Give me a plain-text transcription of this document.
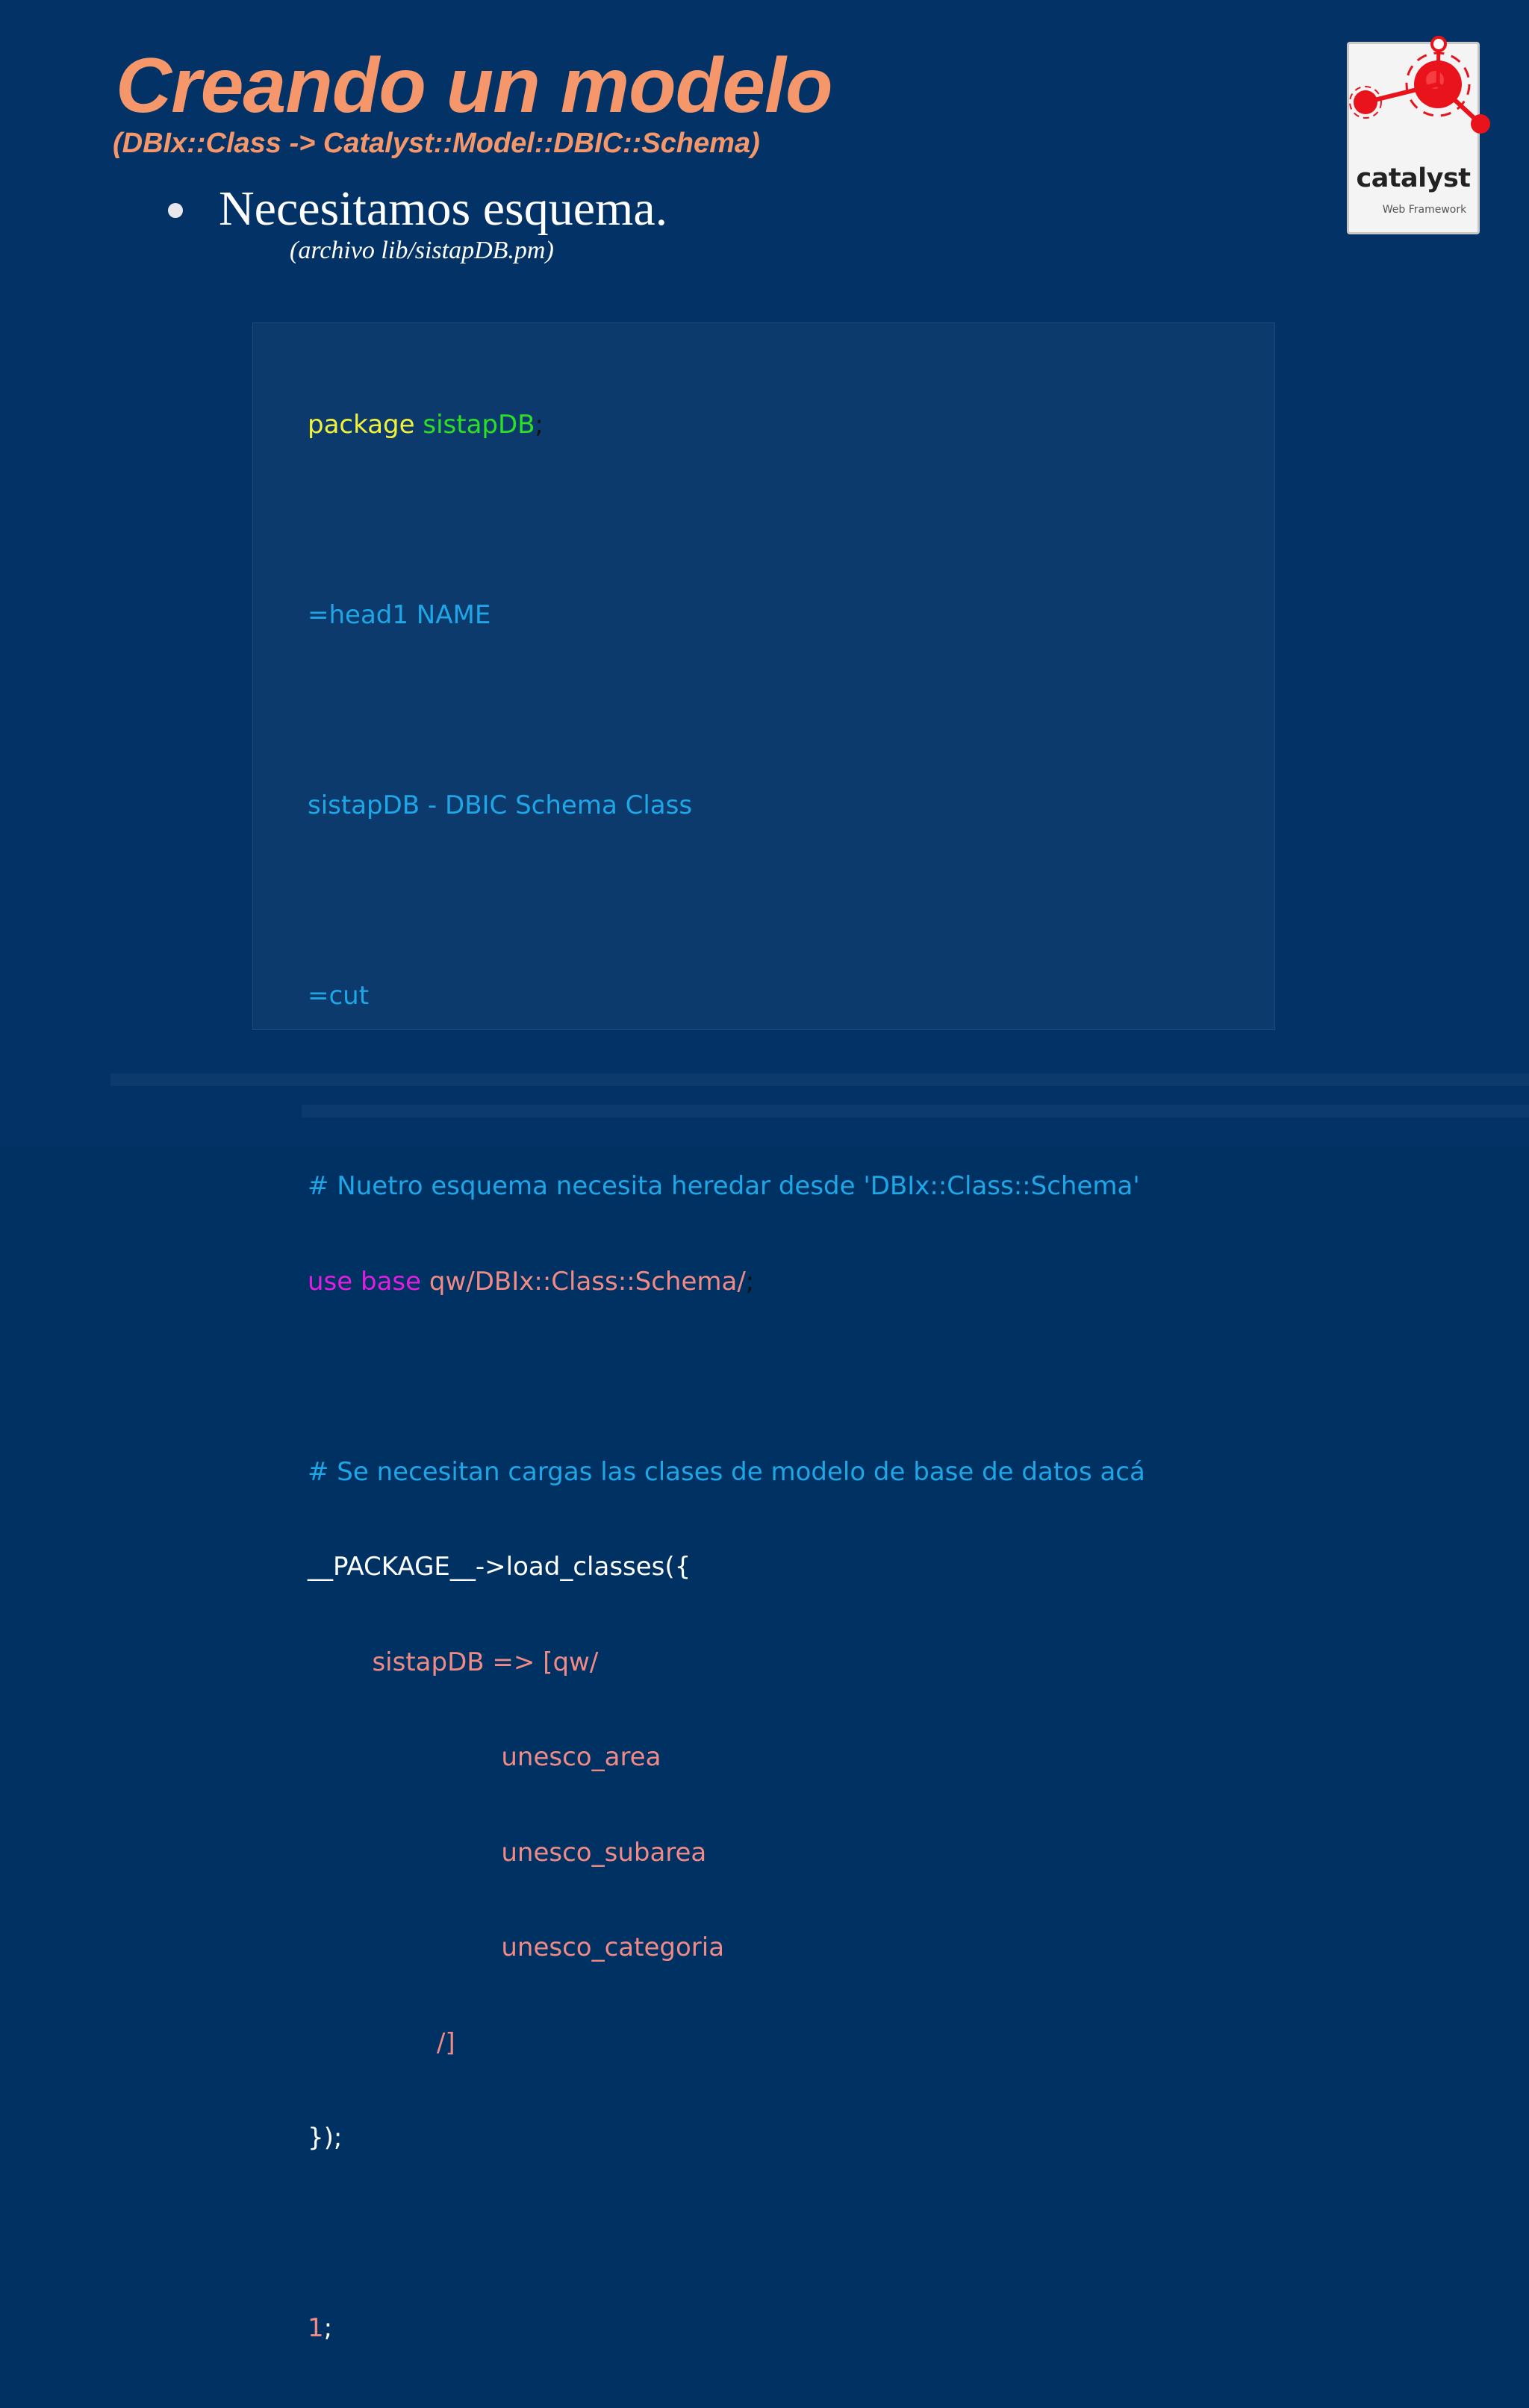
Creando un modelo
(DBIx::Class -> Catalyst::Model::DBIC::Schema)
Necesitamos esquema.
(archivo lib/sistapDB.pm)
catalyst
Web Framework

package sistapDB;

=head1 NAME

sistapDB - DBIC Schema Class

=cut

# Nuetro esquema necesita heredar desde 'DBIx::Class::Schema'

use base qw/DBIx::Class::Schema/;

# Se necesitan cargas las clases de modelo de base de datos acá

__PACKAGE__->load_classes({

sistapDB => [qw/

unesco_area

unesco_subarea

unesco_categoria

/]

});

1;
